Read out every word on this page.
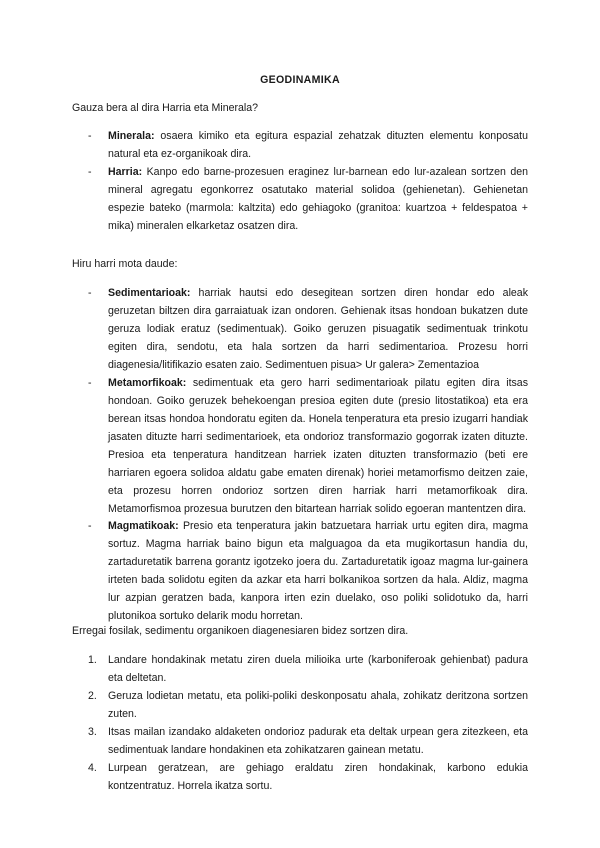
GEODINAMIKA
Gauza bera al dira Harria eta Minerala?
- Minerala: osaera kimiko eta egitura espazial zehatzak dituzten elementu konposatu natural eta ez-organikoak dira.
- Harria: Kanpo edo barne-prozesuen eraginez lur-barnean edo lur-azalean sortzen den mineral agregatu egonkorrez osatutako material solidoa (gehienetan). Gehienetan espezie bateko (marmola: kaltzita) edo gehiagoko (granitoa: kuartzoa + feldespatoa + mika) mineralen elkarketaz osatzen dira.
Hiru harri mota daude:
- Sedimentarioak: harriak hautsi edo desegitean sortzen diren hondar edo aleak geruzetan biltzen dira garraiatuak izan ondoren. Gehienak itsas hondoan bukatzen dute geruza lodiak eratuz (sedimentuak). Goiko geruzen pisuagatik sedimentuak trinkotu egiten dira, sendotu, eta hala sortzen da harri sedimentarioa. Prozesu horri diagenesia/litifikazio esaten zaio. Sedimentuen pisua> Ur galera> Zementazioa
- Metamorfikoak: sedimentuak eta gero harri sedimentarioak pilatu egiten dira itsas hondoan. Goiko geruzek behekoengan presioa egiten dute (presio litostatikoa) eta era berean itsas hondoa hondoratu egiten da. Honela tenperatura eta presio izugarri handiak jasaten dituzte harri sedimentarioek, eta ondorioz transformazio gogorrak izaten dituzte. Presioa eta tenperatura handitzean harriek izaten dituzten transformazio (beti ere harriaren egoera solidoa aldatu gabe ematen direnak) horiei metamorfismo deitzen zaie, eta prozesu horren ondorioz sortzen diren harriak harri metamorfikoak dira. Metamorfismoa prozesua burutzen den bitartean harriak solido egoeran mantentzen dira.
- Magmatikoak: Presio eta tenperatura jakin batzuetara harriak urtu egiten dira, magma sortuz. Magma harriak baino bigun eta malguagoa da eta mugikortasun handia du, zartaduretatik barrena gorantz igotzeko joera du. Zartaduretatik igoaz magma lur-gainera irteten bada solidotu egiten da azkar eta harri bolkanikoa sortzen da hala. Aldiz, magma lur azpian geratzen bada, kanpora irten ezin duelako, oso poliki solidotuko da, harri plutonikoa sortuko delarik modu horretan.
Erregai fosilak, sedimentu organikoen diagenesiaren bidez sortzen dira.
1. Landare hondakinak metatu ziren duela milioika urte (karboniferoak gehienbat) padura eta deltetan.
2. Geruza lodietan metatu, eta poliki-poliki deskonposatu ahala, zohikatz deritzona sortzen zuten.
3. Itsas mailan izandako aldaketen ondorioz padurak eta deltak urpean gera zitezkeen, eta sedimentuak landare hondakinen eta zohikatzaren gainean metatu.
4. Lurpean geratzean, are gehiago eraldatu ziren hondakinak, karbono edukia kontzentratuz. Horrela ikatza sortu.
